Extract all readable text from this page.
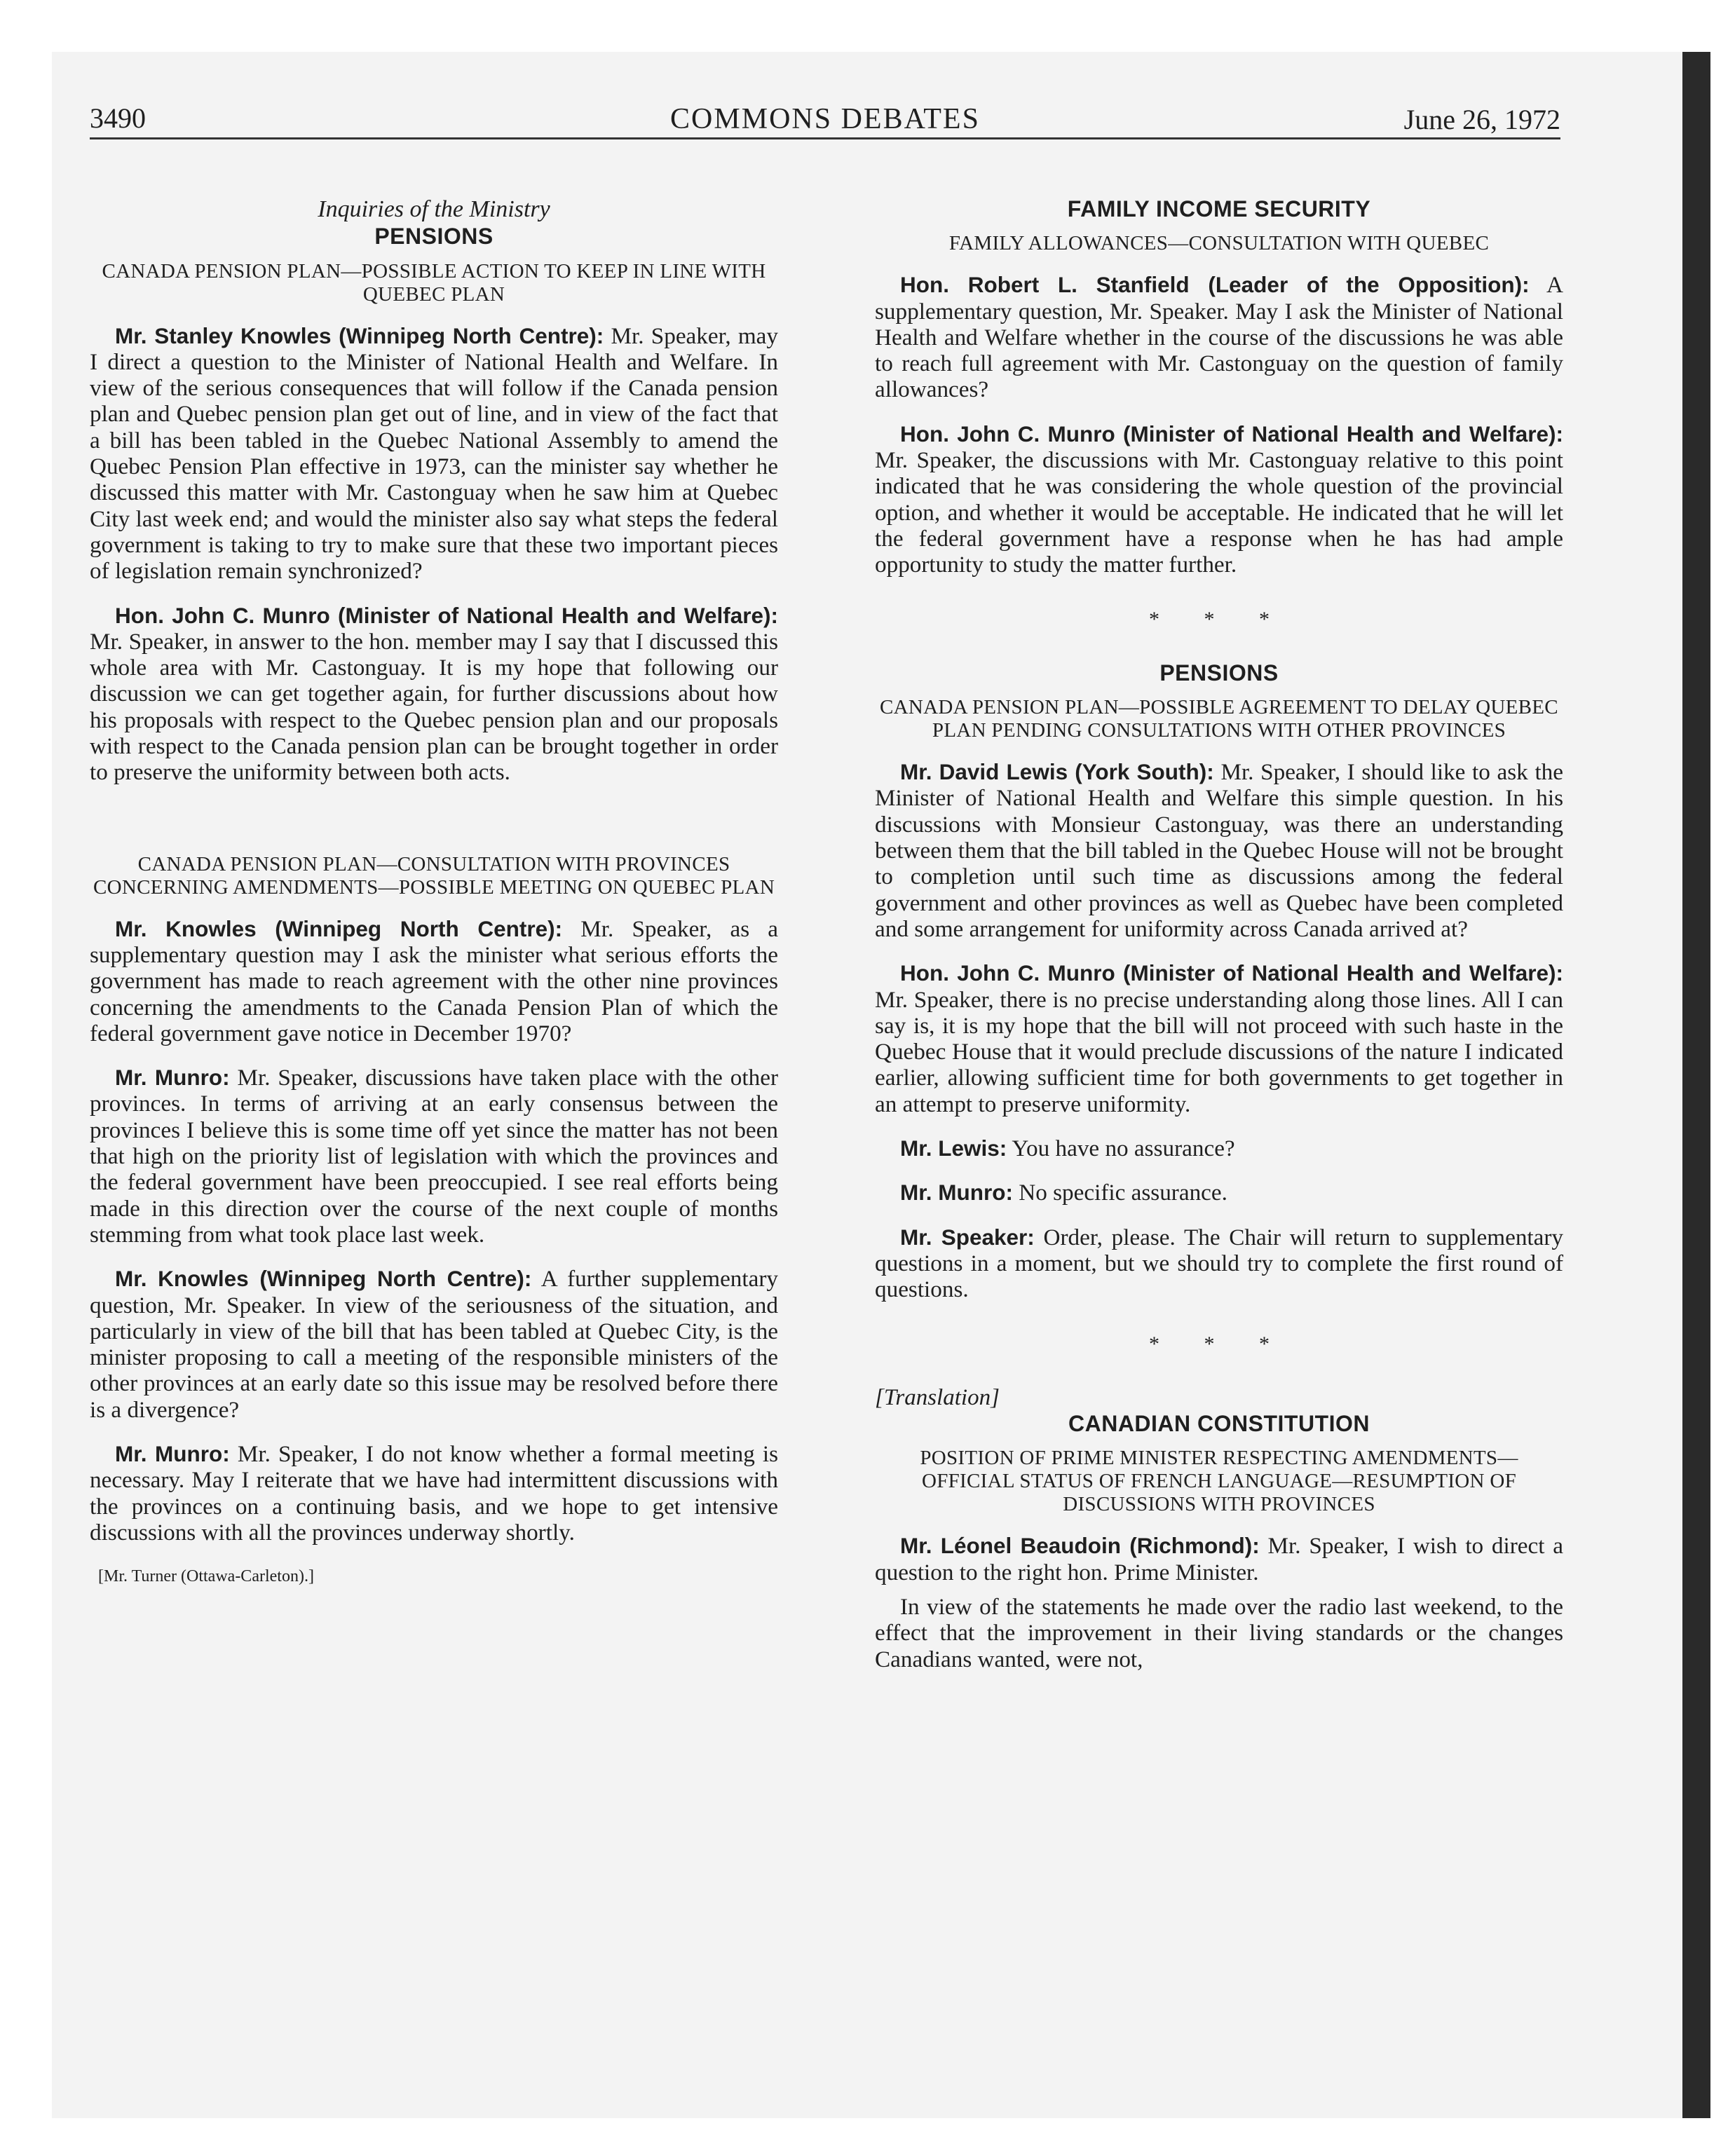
3490	COMMONS DEBATES	June 26, 1972
Inquiries of the Ministry
PENSIONS
CANADA PENSION PLAN—POSSIBLE ACTION TO KEEP IN LINE WITH QUEBEC PLAN

Mr. Stanley Knowles (Winnipeg North Centre): Mr. Speaker, may I direct a question to the Minister of National Health and Welfare. In view of the serious consequences that will follow if the Canada pension plan and Quebec pension plan get out of line, and in view of the fact that a bill has been tabled in the Quebec National Assembly to amend the Quebec Pension Plan effective in 1973, can the minister say whether he discussed this matter with Mr. Castonguay when he saw him at Quebec City last week end; and would the minister also say what steps the federal government is taking to try to make sure that these two important pieces of legislation remain synchronized?

Hon. John C. Munro (Minister of National Health and Welfare): Mr. Speaker, in answer to the hon. member may I say that I discussed this whole area with Mr. Castonguay. It is my hope that following our discussion we can get together again, for further discussions about how his proposals with respect to the Quebec pension plan and our proposals with respect to the Canada pension plan can be brought together in order to preserve the uniformity between both acts.

CANADA PENSION PLAN—CONSULTATION WITH PROVINCES CONCERNING AMENDMENTS—POSSIBLE MEETING ON QUEBEC PLAN

Mr. Knowles (Winnipeg North Centre): Mr. Speaker, as a supplementary question may I ask the minister what serious efforts the government has made to reach agreement with the other nine provinces concerning the amendments to the Canada Pension Plan of which the federal government gave notice in December 1970?

Mr. Munro: Mr. Speaker, discussions have taken place with the other provinces. In terms of arriving at an early consensus between the provinces I believe this is some time off yet since the matter has not been that high on the priority list of legislation with which the provinces and the federal government have been preoccupied. I see real efforts being made in this direction over the course of the next couple of months stemming from what took place last week.

Mr. Knowles (Winnipeg North Centre): A further supplementary question, Mr. Speaker. In view of the seriousness of the situation, and particularly in view of the bill that has been tabled at Quebec City, is the minister proposing to call a meeting of the responsible ministers of the other provinces at an early date so this issue may be resolved before there is a divergence?

Mr. Munro: Mr. Speaker, I do not know whether a formal meeting is necessary. May I reiterate that we have had intermittent discussions with the provinces on a continuing basis, and we hope to get intensive discussions with all the provinces underway shortly.

[Mr. Turner (Ottawa-Carleton).]
FAMILY INCOME SECURITY
FAMILY ALLOWANCES—CONSULTATION WITH QUEBEC

Hon. Robert L. Stanfield (Leader of the Opposition): A supplementary question, Mr. Speaker. May I ask the Minister of National Health and Welfare whether in the course of the discussions he was able to reach full agreement with Mr. Castonguay on the question of family allowances?

Hon. John C. Munro (Minister of National Health and Welfare): Mr. Speaker, the discussions with Mr. Castonguay relative to this point indicated that he was considering the whole question of the provincial option, and whether it would be acceptable. He indicated that he will let the federal government have a response when he has had ample opportunity to study the matter further.

* * *
PENSIONS
CANADA PENSION PLAN—POSSIBLE AGREEMENT TO DELAY QUEBEC PLAN PENDING CONSULTATIONS WITH OTHER PROVINCES

Mr. David Lewis (York South): Mr. Speaker, I should like to ask the Minister of National Health and Welfare this simple question. In his discussions with Monsieur Castonguay, was there an understanding between them that the bill tabled in the Quebec House will not be brought to completion until such time as discussions among the federal government and other provinces as well as Quebec have been completed and some arrangement for uniformity across Canada arrived at?

Hon. John C. Munro (Minister of National Health and Welfare): Mr. Speaker, there is no precise understanding along those lines. All I can say is, it is my hope that the bill will not proceed with such haste in the Quebec House that it would preclude discussions of the nature I indicated earlier, allowing sufficient time for both governments to get together in an attempt to preserve uniformity.

Mr. Lewis: You have no assurance?

Mr. Munro: No specific assurance.

Mr. Speaker: Order, please. The Chair will return to supplementary questions in a moment, but we should try to complete the first round of questions.

* * *
[Translation]
CANADIAN CONSTITUTION
POSITION OF PRIME MINISTER RESPECTING AMENDMENTS—OFFICIAL STATUS OF FRENCH LANGUAGE—RESUMPTION OF DISCUSSIONS WITH PROVINCES

Mr. Léonel Beaudoin (Richmond): Mr. Speaker, I wish to direct a question to the right hon. Prime Minister.

In view of the statements he made over the radio last weekend, to the effect that the improvement in their living standards or the changes Canadians wanted, were not,
